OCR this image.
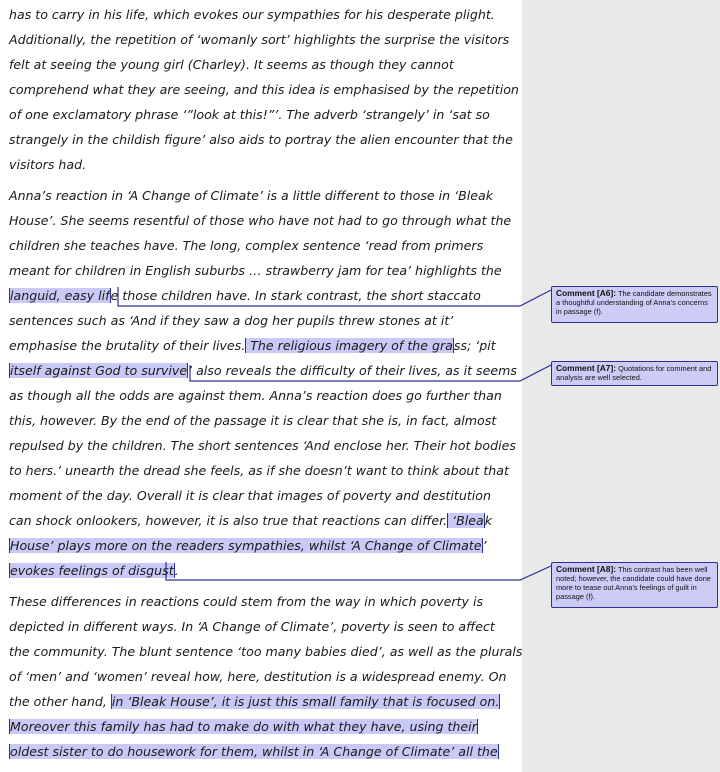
has to carry in his life, which evokes our sympathies for his desperate plight.
Additionally, the repetition of ‘womanly sort’ highlights the surprise the visitors
felt at seeing the young girl (Charley). It seems as though they cannot
comprehend what they are seeing, and this idea is emphasised by the repetition
of one exclamatory phrase ‘”look at this!”’. The adverb ‘strangely’ in ‘sat so
strangely in the childish figure’ also aids to portray the alien encounter that the
visitors had.
Anna’s reaction in ‘A Change of Climate’ is a little different to those in ‘Bleak
House’. She seems resentful of those who have not had to go through what the
children she teaches have. The long, complex sentence ‘read from primers
meant for children in English suburbs … strawberry jam for tea’ highlights the
languid, easy life those children have. In stark contrast, the short staccato
sentences such as ‘And if they saw a dog her pupils threw stones at it’
emphasise the brutality of their lives. The religious imagery of the grass; ‘pit
itself against God to survive’ also reveals the difficulty of their lives, as it seems
as though all the odds are against them. Anna’s reaction does go further than
this, however. By the end of the passage it is clear that she is, in fact, almost
repulsed by the children. The short sentences ‘And enclose her. Their hot bodies
to hers.’ unearth the dread she feels, as if she doesn’t want to think about that
moment of the day. Overall it is clear that images of poverty and destitution
can shock onlookers, however, it is also true that reactions can differ. ‘Bleak
House’ plays more on the readers sympathies, whilst ‘A Change of Climate’
evokes feelings of disgust.
These differences in reactions could stem from the way in which poverty is
depicted in different ways. In ‘A Change of Climate’, poverty is seen to affect
the community. The blunt sentence ‘too many babies died’, as well as the plurals
of ‘men’ and ‘women’ reveal how, here, destitution is a widespread enemy. On
the other hand, in ‘Bleak House’, it is just this small family that is focused on.
Moreover this family has had to make do with what they have, using their
oldest sister to do housework for them, whilst in ‘A Change of Climate’ all the
Comment [A6]: The candidate demonstrates a thoughtful understanding of Anna’s concerns in passage (f).
Comment [A7]: Quotations for comment and analysis are well selected.
Comment [A8]: This contrast has been well noted; however, the candidate could have done more to tease out Anna’s feelings of guilt in passage (f).
